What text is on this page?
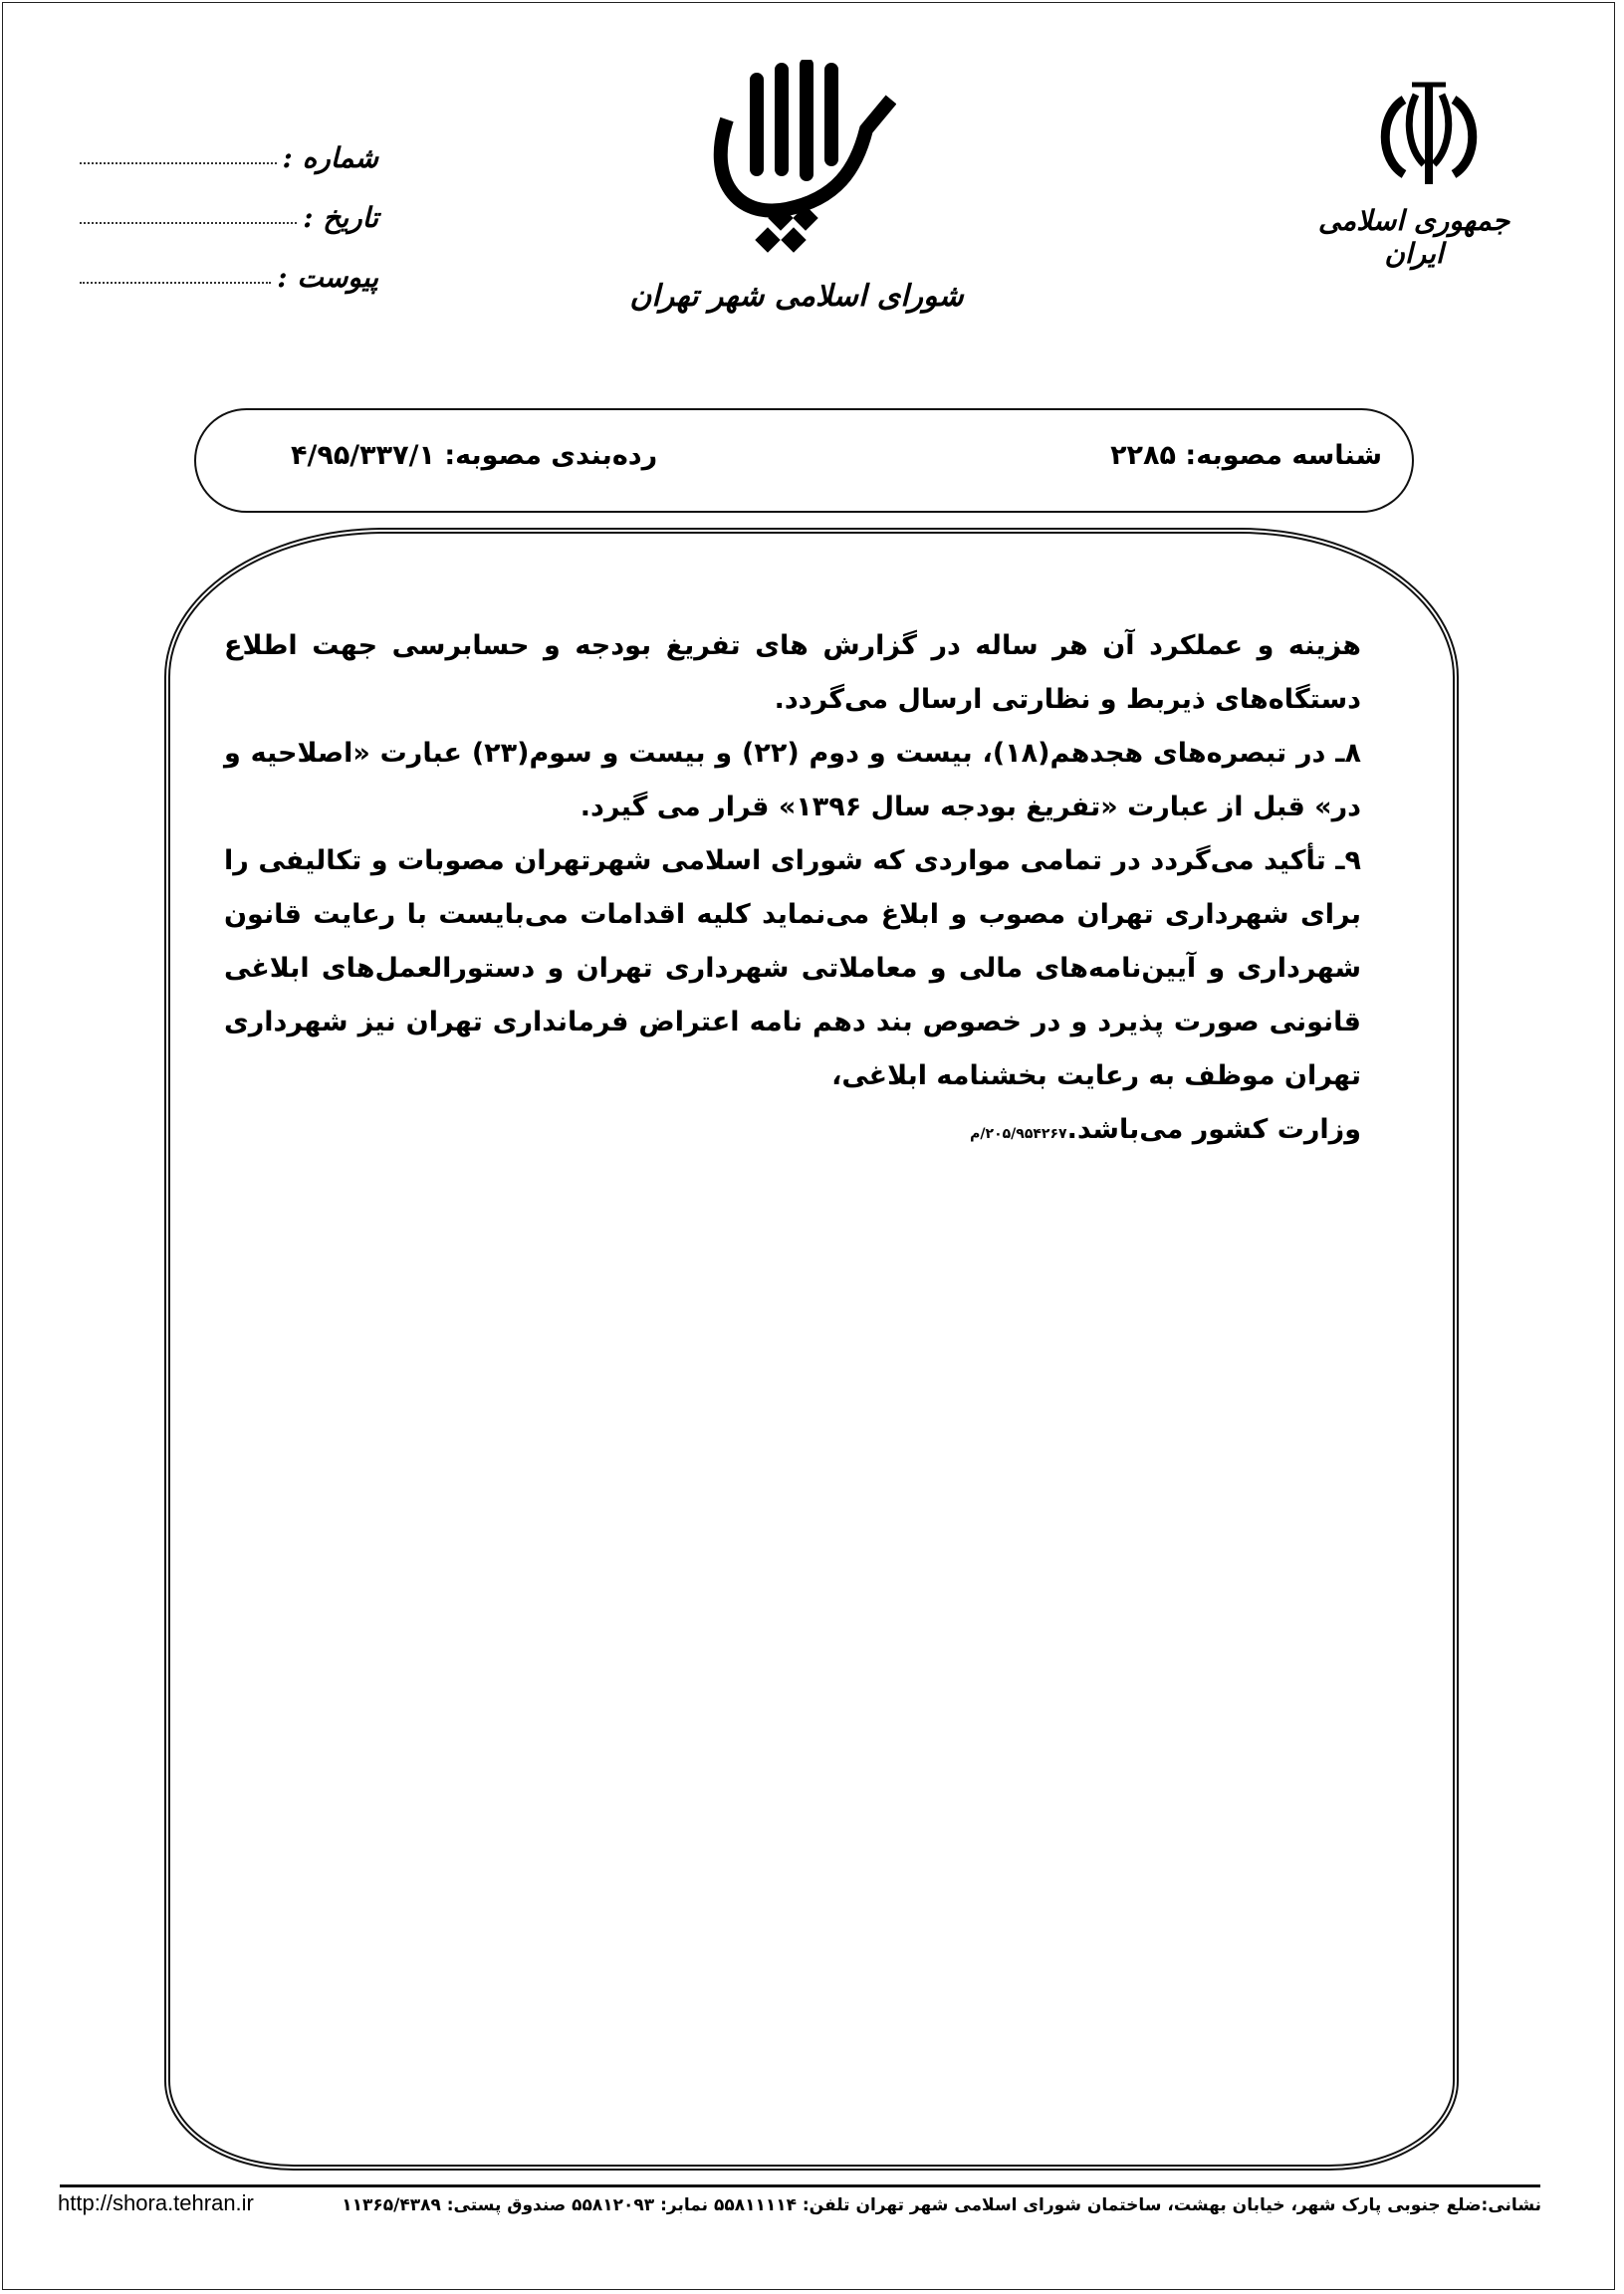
جمهوری اسلامی ایران
شورای اسلامی شهر تهران
شماره :
تاریخ :
پیوست :
شناسه مصوبه: ۲۲۸۵
رده‌بندی مصوبه: ۴/۹۵/۳۳۷/۱

هزینه و عملکرد آن هر ساله در گزارش های تفریغ بودجه و حسابرسی جهت اطلاع دستگاه‌های ذیربط و نظارتی ارسال می‌گردد.

۸ـ در تبصره‌های هجدهم(۱۸)، بیست و دوم (۲۲) و بیست و سوم(۲۳) عبارت «اصلاحیه و در» قبل از عبارت «تفریغ بودجه سال ۱۳۹۶» قرار می گیرد.

۹ـ تأکید می‌گردد در تمامی مواردی که شورای اسلامی شهرتهران مصوبات و تکالیفی را برای شهرداری تهران مصوب و ابلاغ می‌نماید کلیه اقدامات می‌بایست با رعایت قانون شهرداری و آیین‌نامه‌های مالی و معاملاتی شهرداری تهران و دستورالعمل‌های ابلاغی قانونی صورت پذیرد و در خصوص بند دهم نامه اعتراض فرمانداری تهران نیز شهرداری تهران موظف به رعایت بخشنامه ابلاغی،

وزارت کشور می‌باشد.۲۰۵/۹۵۴۲۶۷/م

نشانی:ضلع جنوبی پارک شهر، خیابان بهشت، ساختمان شورای اسلامی شهر تهران تلفن: ۵۵۸۱۱۱۱۴ نمابر: ۵۵۸۱۲۰۹۳ صندوق پستی: ۱۱۳۶۵/۴۳۸۹
http://shora.tehran.ir
